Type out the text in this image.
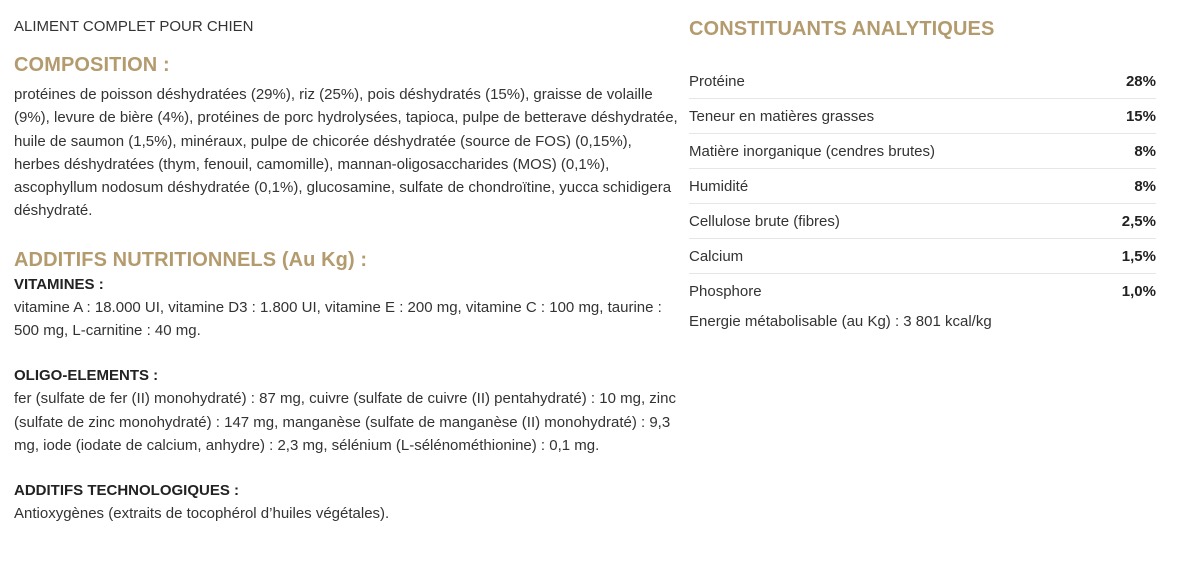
ALIMENT COMPLET POUR CHIEN
COMPOSITION :

protéines de poisson déshydratées (29%), riz (25%), pois déshydratés (15%), graisse de volaille (9%), levure de bière (4%), protéines de porc hydrolysées, tapioca, pulpe de betterave déshydratée, huile de saumon (1,5%), minéraux, pulpe de chicorée déshydratée (source de FOS) (0,15%), herbes déshydratées (thym, fenouil, camomille), mannan-oligosaccharides (MOS) (0,1%), ascophyllum nodosum déshydratée (0,1%), glucosamine, sulfate de chondroïtine, yucca schidigera déshydraté.

ADDITIFS NUTRITIONNELS (Au Kg) :
VITAMINES :

vitamine A : 18.000 UI, vitamine D3 : 1.800 UI, vitamine E : 200 mg, vitamine C : 100 mg, taurine : 500 mg, L-carnitine : 40 mg.

OLIGO-ELEMENTS :

fer (sulfate de fer (II) monohydraté) : 87 mg, cuivre (sulfate de cuivre (II) pentahydraté) : 10 mg, zinc (sulfate de zinc monohydraté) : 147 mg, manganèse (sulfate de manganèse (II) monohydraté) : 9,3 mg, iode (iodate de calcium, anhydre) : 2,3 mg, sélénium (L-sélénométhionine) : 0,1 mg.

ADDITIFS TECHNOLOGIQUES :

Antioxygènes (extraits de tocophérol d’huiles végétales).

CONSTITUANTS ANALYTIQUES
Protéine	28%
Teneur en matières grasses	15%
Matière inorganique (cendres brutes)	8%
Humidité	8%
Cellulose brute (fibres)	2,5%
Calcium	1,5%
Phosphore	1,0%
Energie métabolisable (au Kg) : 3 801 kcal/kg
